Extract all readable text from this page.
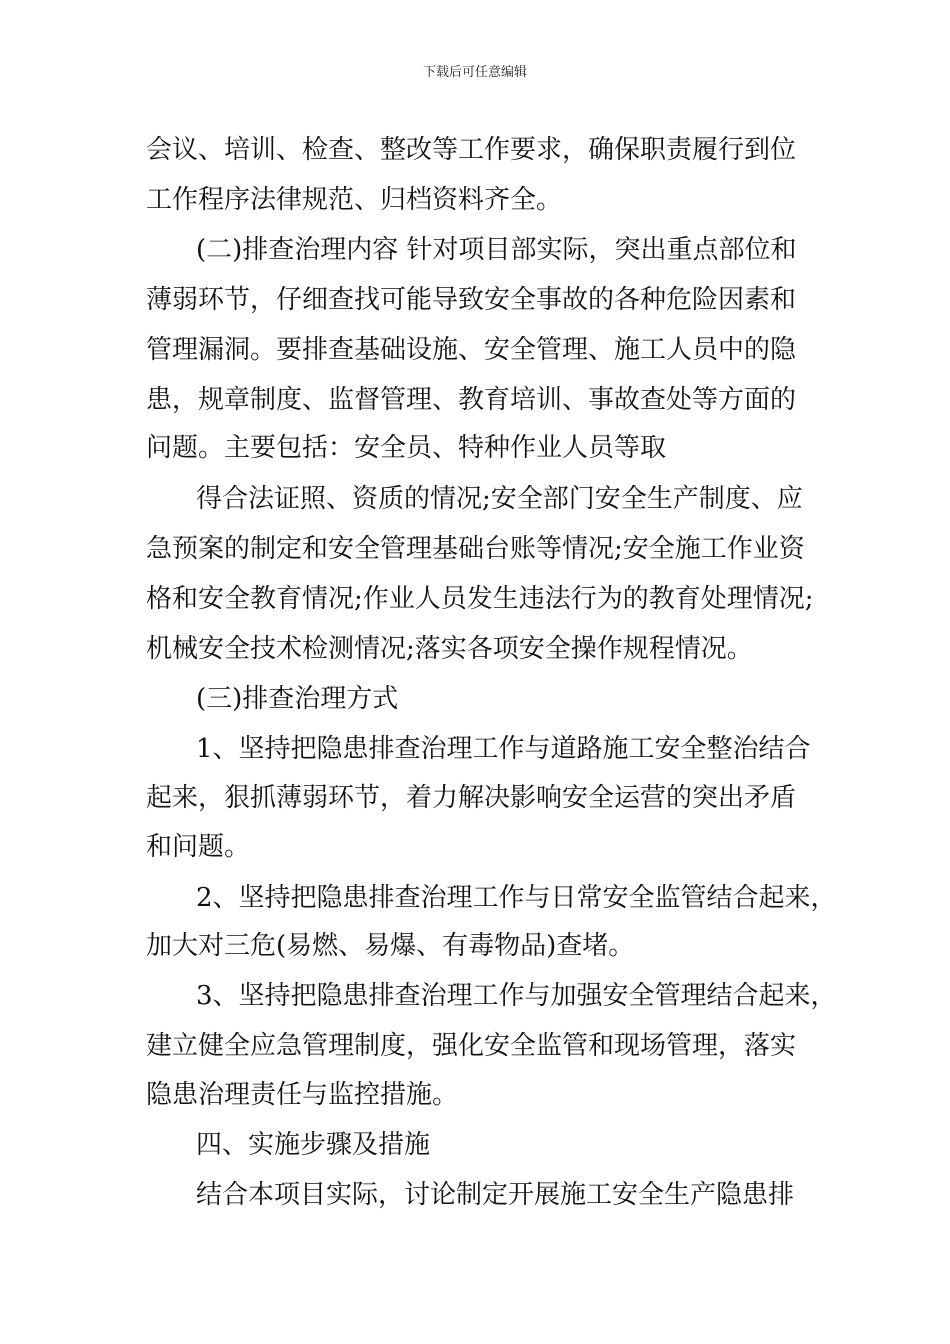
下载后可任意编辑
会议、培训、检查、整改等工作要求，确保职责履行到位
工作程序法律规范、归档资料齐全。
(二)排查治理内容 针对项目部实际，突出重点部位和
薄弱环节，仔细查找可能导致安全事故的各种危险因素和
管理漏洞。要排查基础设施、安全管理、施工人员中的隐
患，规章制度、监督管理、教育培训、事故查处等方面的
问题。主要包括：安全员、特种作业人员等取
得合法证照、资质的情况;安全部门安全生产制度、应
急预案的制定和安全管理基础台账等情况;安全施工作业资
格和安全教育情况;作业人员发生违法行为的教育处理情况;
机械安全技术检测情况;落实各项安全操作规程情况。
(三)排查治理方式
1、坚持把隐患排查治理工作与道路施工安全整治结合
起来，狠抓薄弱环节，着力解决影响安全运营的突出矛盾
和问题。
2、坚持把隐患排查治理工作与日常安全监管结合起来，
加大对三危(易燃、易爆、有毒物品)查堵。
3、坚持把隐患排查治理工作与加强安全管理结合起来，
建立健全应急管理制度，强化安全监管和现场管理，落实
隐患治理责任与监控措施。
四、实施步骤及措施
结合本项目实际，讨论制定开展施工安全生产隐患排
